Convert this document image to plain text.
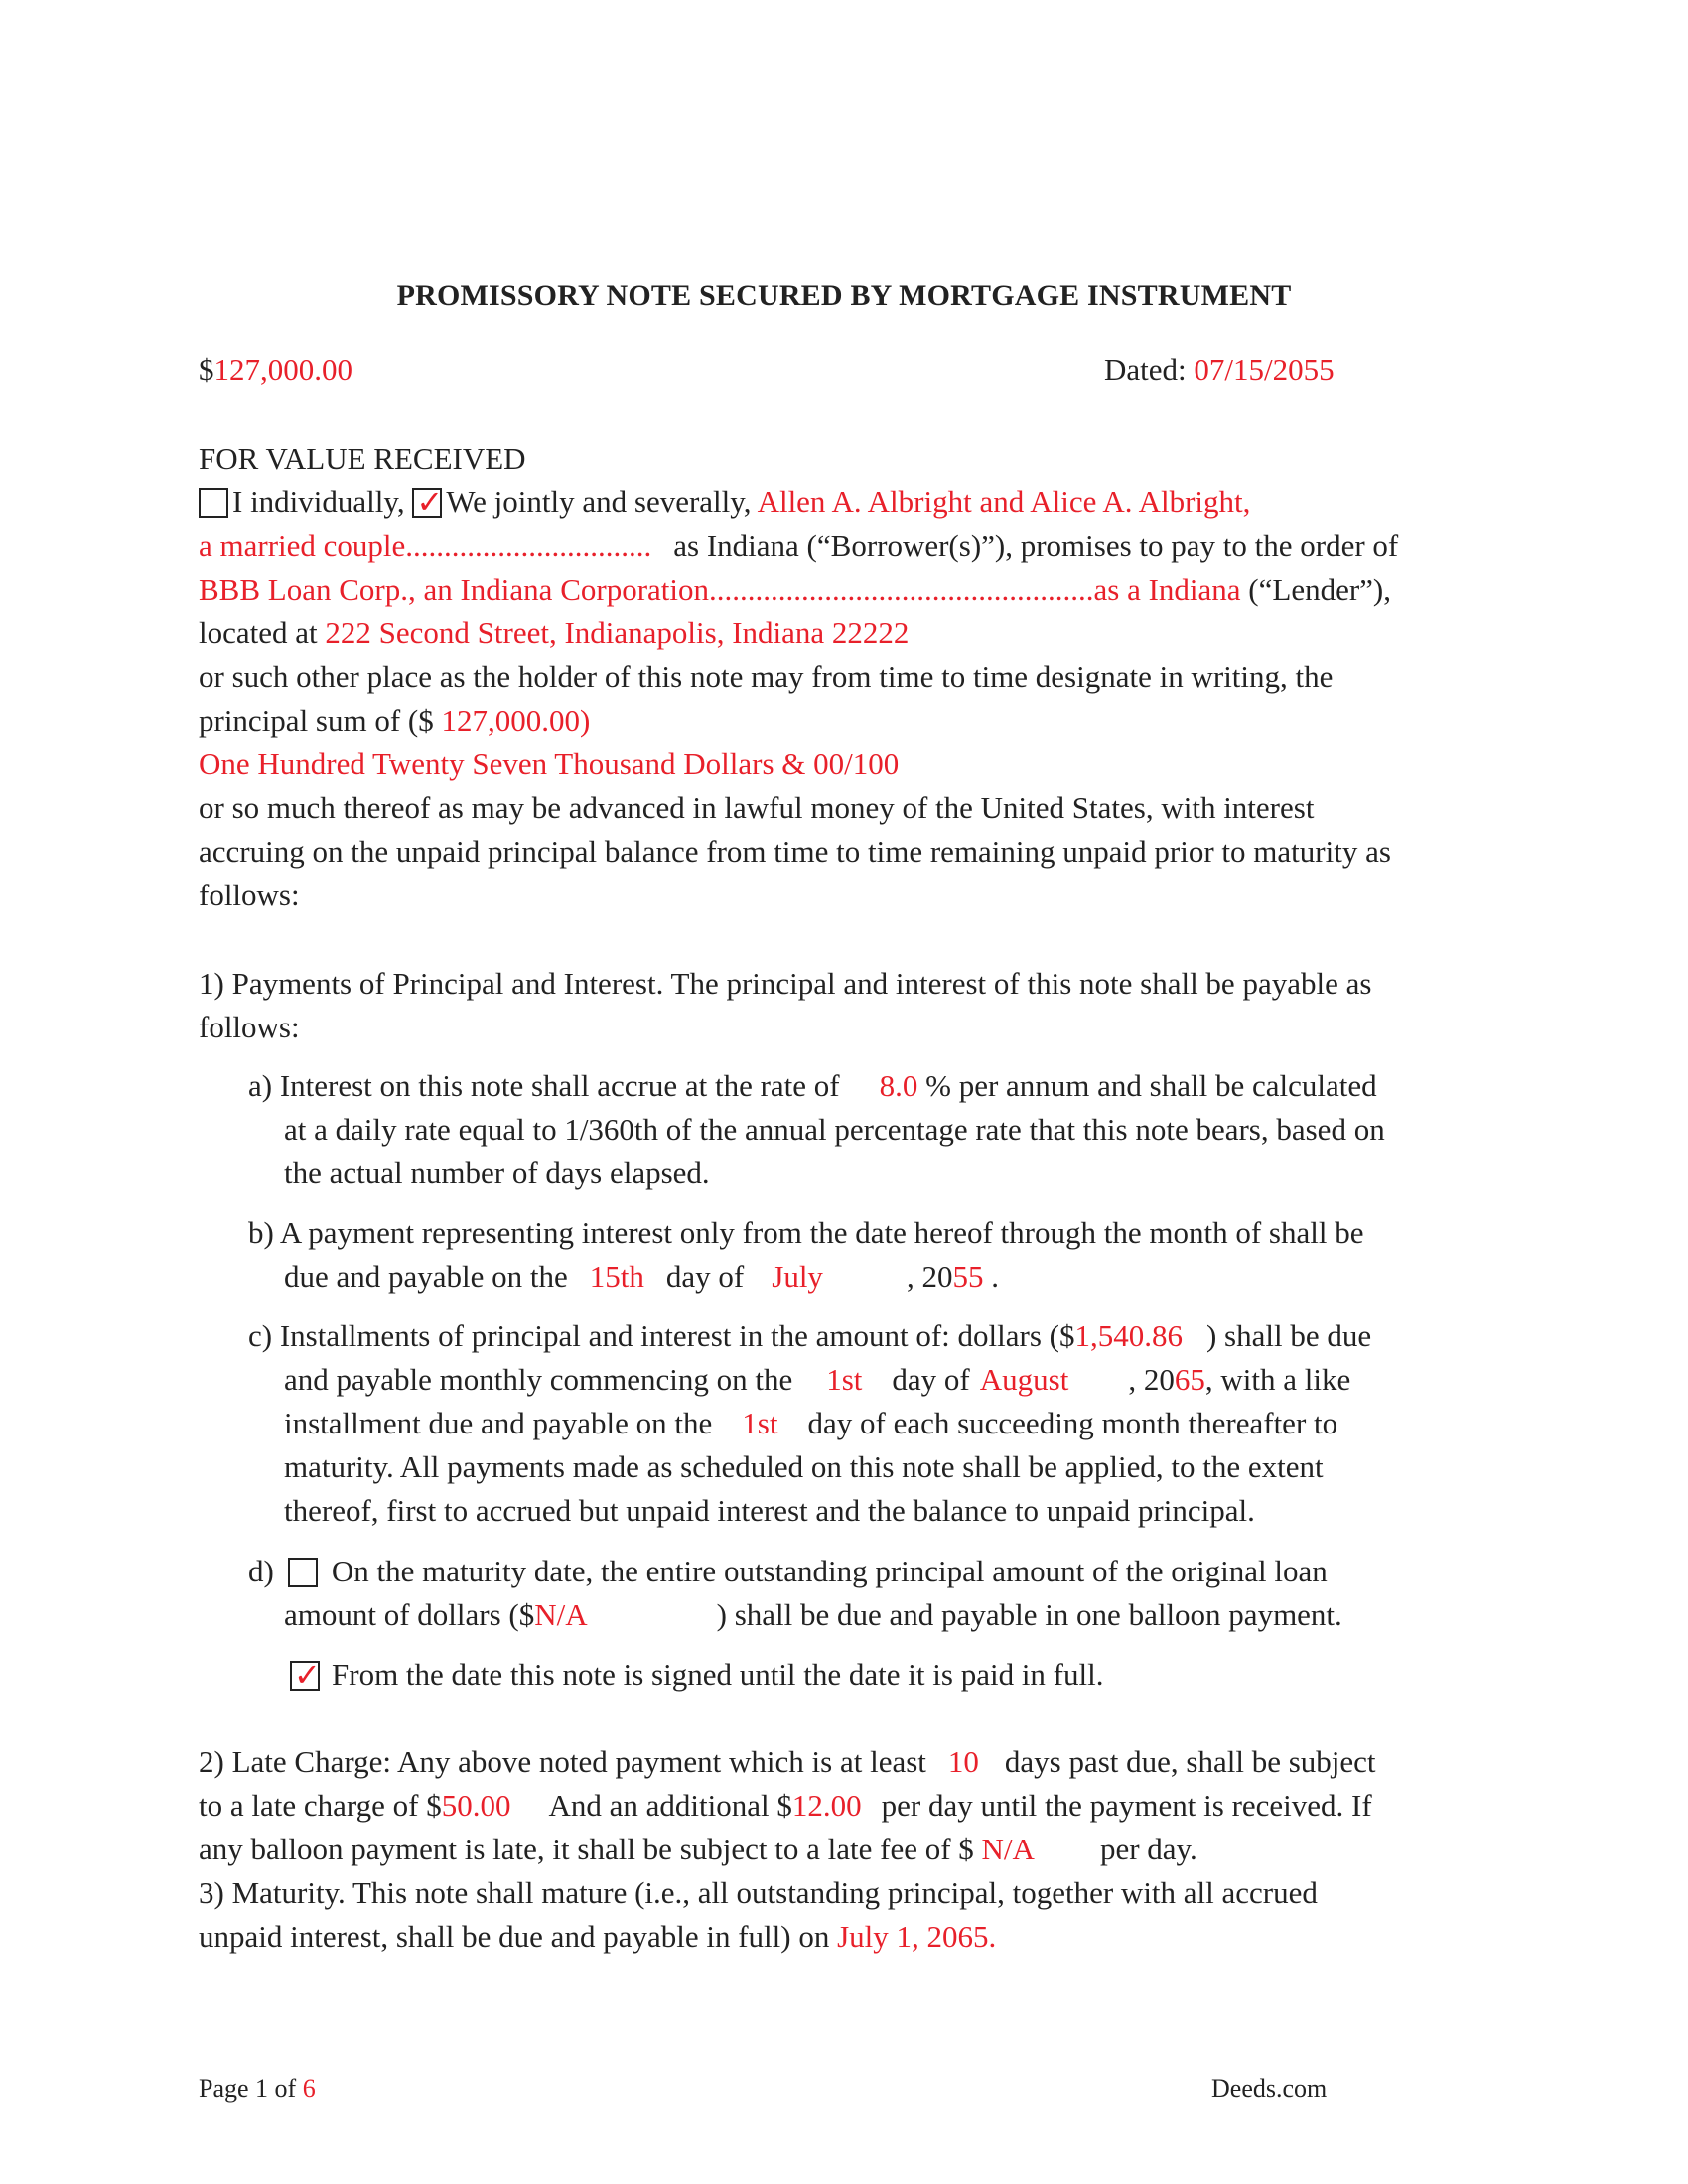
PROMISSORY NOTE SECURED BY MORTGAGE INSTRUMENT
$127,000.00	Dated: 07/15/2055
FOR VALUE RECEIVED
I individually, ✓ We jointly and severally, Allen A. Albright and Alice A. Albright,
a married couple................................ as Indiana (“Borrower(s)”), promises to pay to the order of
BBB Loan Corp., an Indiana Corporation..................................................as a Indiana (“Lender”),
located at 222 Second Street, Indianapolis, Indiana 22222
or such other place as the holder of this note may from time to time designate in writing, the
principal sum of ($ 127,000.00)
One Hundred Twenty Seven Thousand Dollars & 00/100
or so much thereof as may be advanced in lawful money of the United States, with interest
accruing on the unpaid principal balance from time to time remaining unpaid prior to maturity as
follows:
1) Payments of Principal and Interest. The principal and interest of this note shall be payable as
follows:
a) Interest on this note shall accrue at the rate of 8.0 % per annum and shall be calculated
at a daily rate equal to 1/360th of the annual percentage rate that this note bears, based on
the actual number of days elapsed.
b) A payment representing interest only from the date hereof through the month of shall be
due and payable on the 15th day of July	, 2055 .
c) Installments of principal and interest in the amount of: dollars ($1,540.86 ) shall be due
and payable monthly commencing on the 1st day of August , 2065, with a like
installment due and payable on the 1st day of each succeeding month thereafter to
maturity. All payments made as scheduled on this note shall be applied, to the extent
thereof, first to accrued but unpaid interest and the balance to unpaid principal.
d) On the maturity date, the entire outstanding principal amount of the original loan
amount of dollars ($N/A	) shall be due and payable in one balloon payment.
✓ From the date this note is signed until the date it is paid in full.
2) Late Charge: Any above noted payment which is at least 10 days past due, shall be subject
to a late charge of $50.00 And an additional $12.00 per day until the payment is received. If
any balloon payment is late, it shall be subject to a late fee of $ N/A per day.
3) Maturity. This note shall mature (i.e., all outstanding principal, together with all accrued
unpaid interest, shall be due and payable in full) on July 1, 2065.
Page 1 of 6	Deeds.com
